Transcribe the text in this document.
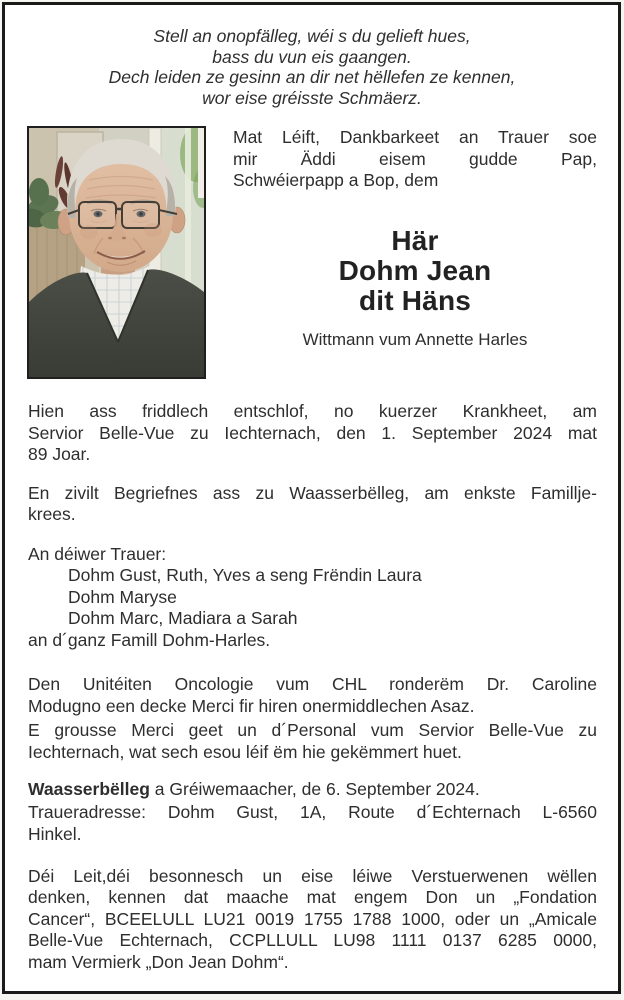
Stell an onopfälleg, wéi s du gelieft hues,
bass du vun eis gaangen.
Dech leiden ze gesinn an dir net hëllefen ze kennen,
wor eise gréisste Schmäerz.
Mat Léift, Dankbarkeet an Trauer soe
mir Äddi eisem gudde Pap,
Schwéierpapp a Bop, dem
Här
Dohm Jean
dit Häns
Wittmann vum Annette Harles
Hien ass friddlech entschlof, no kuerzer Krankheet, am
Servior Belle-Vue zu Iechternach, den 1. September 2024 mat
89 Joar.
En zivilt Begriefnes ass zu Waasserbëlleg, am enkste Famillje-
krees.
An déiwer Trauer:
Dohm Gust, Ruth, Yves a seng Frëndin Laura
Dohm Maryse
Dohm Marc, Madiara a Sarah
an d´ganz Famill Dohm-Harles.
Den Unitéiten Oncologie vum CHL ronderëm Dr. Caroline
Modugno een decke Merci fir hiren onermiddlechen Asaz.
E grousse Merci geet un d´Personal vum Servior Belle-Vue zu
Iechternach, wat sech esou léif ëm hie gekëmmert huet.
Waasserbëlleg a Gréiwemaacher, de 6. September 2024.
Traueradresse: Dohm Gust, 1A, Route d´Echternach L-6560
Hinkel.
Déi Leit,déi besonnesch un eise léiwe Verstuerwenen wëllen
denken, kennen dat maache mat engem Don un „Fondation
Cancer“, BCEELULL LU21 0019 1755 1788 1000, oder un „Amicale
Belle-Vue Echternach, CCPLLULL LU98 1111 0137 6285 0000,
mam Vermierk „Don Jean Dohm“.
